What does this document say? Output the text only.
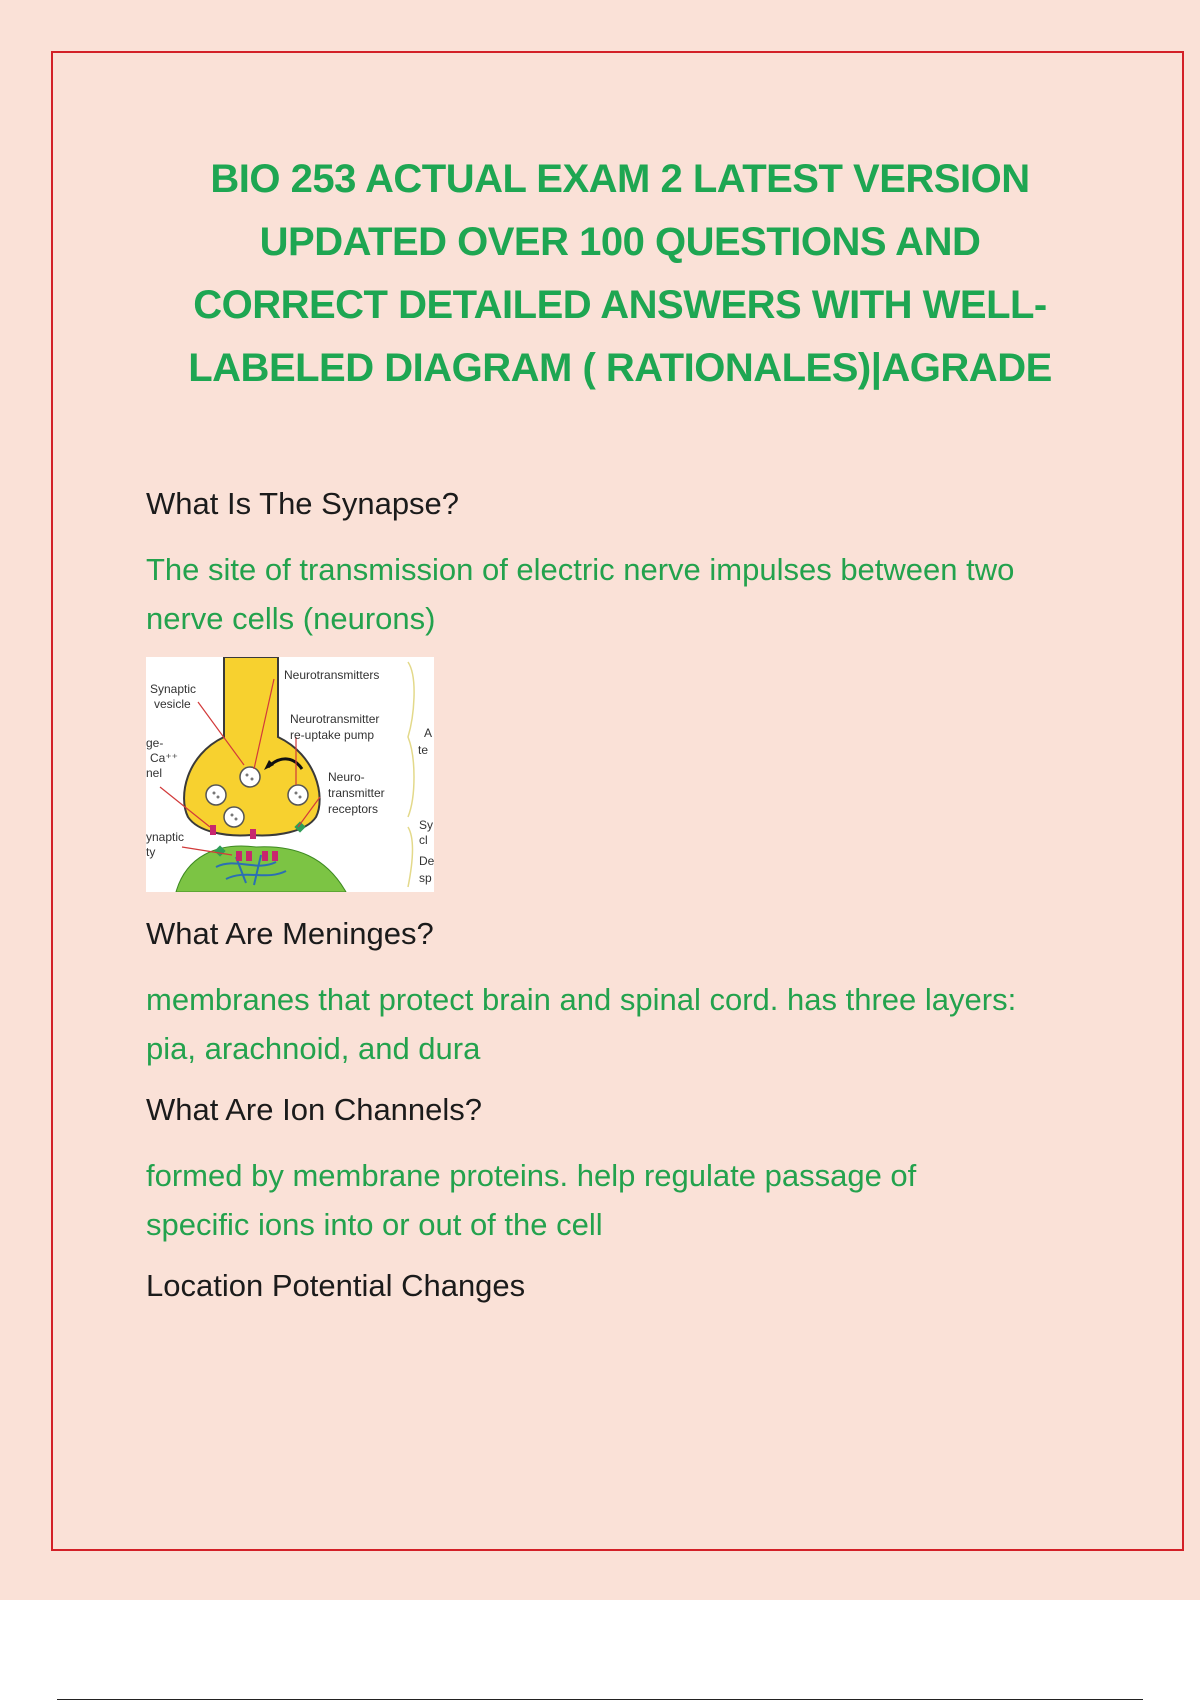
BIO 253 ACTUAL EXAM 2 LATEST VERSION
UPDATED OVER 100 QUESTIONS AND
CORRECT DETAILED ANSWERS WITH WELL-
LABELED DIAGRAM ( RATIONALES)|AGRADE
What Is The Synapse?
The site of transmission of electric nerve impulses between two
nerve cells (neurons)
Synaptic
vesicle
Neurotransmitters
Neurotransmitter
re-uptake pump
Neuro-
transmitter
receptors
ge-
Ca⁺⁺
nel
ynaptic
ty
A
te
Sy
cl
De
sp
What Are Meninges?
membranes that protect brain and spinal cord. has three layers:
pia, arachnoid, and dura
What Are Ion Channels?
formed by membrane proteins. help regulate passage of
specific ions into or out of the cell
Location Potential Changes
